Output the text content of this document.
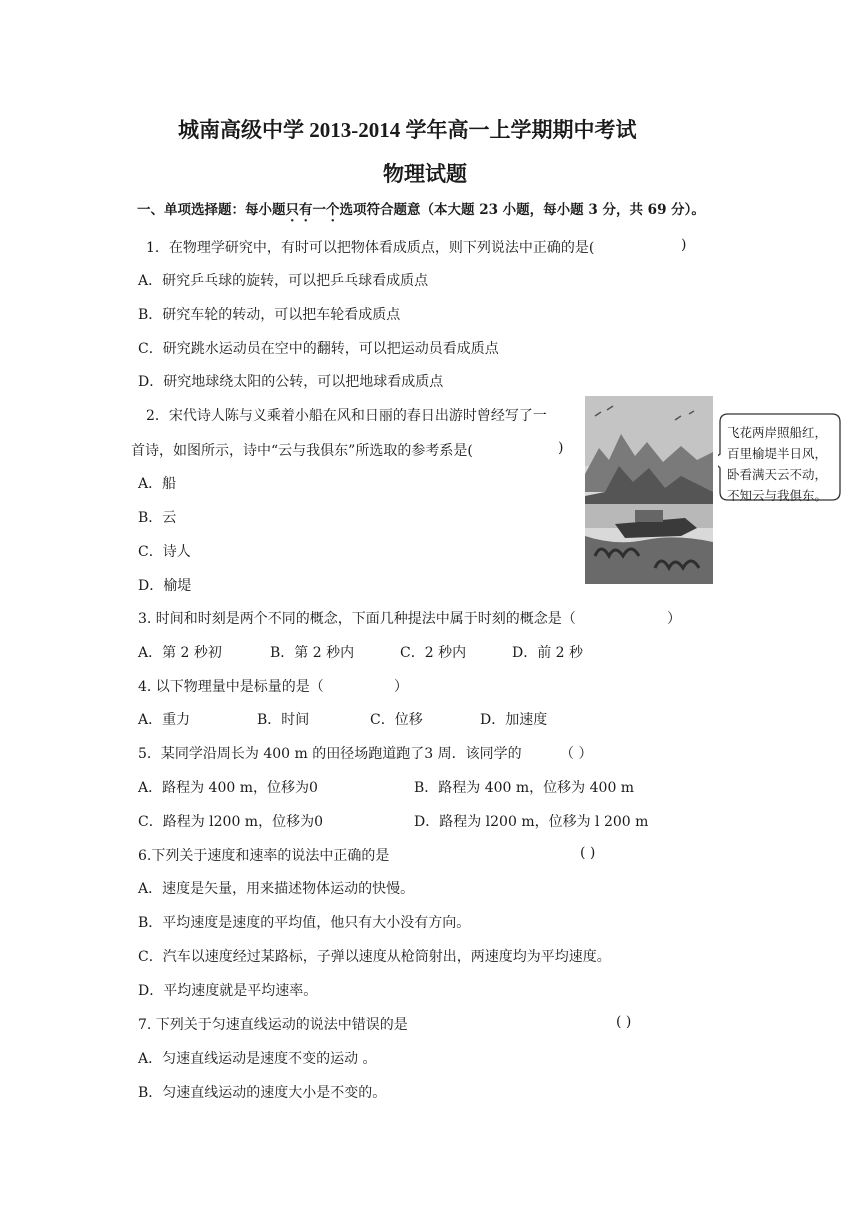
城南高级中学 2013-2014 学年高一上学期期中考试
物理试题
一、单项选择题：每小题只有一个选项符合题意（本大题 23 小题，每小题 3 分，共 69 分）。
1．在物理学研究中，有时可以把物体看成质点，则下列说法中正确的是(	)
A．研究乒乓球的旋转，可以把乒乓球看成质点
B．研究车轮的转动，可以把车轮看成质点
C．研究跳水运动员在空中的翻转，可以把运动员看成质点
D．研究地球绕太阳的公转，可以把地球看成质点
2．宋代诗人陈与义乘着小船在风和日丽的春日出游时曾经写了一
首诗，如图所示，诗中“云与我俱东”所选取的参考系是(	)
A．船
B．云
C．诗人
D．榆堤
飞花两岸照船红，
百里榆堤半日风，
卧看满天云不动，
不知云与我俱东。
3. 时间和时刻是两个不同的概念，下面几种提法中属于时刻的概念是（	）
A．第 2 秒初	B．第 2 秒内	C．2 秒内	D．前 2 秒
4. 以下物理量中是标量的是（	）
A．重力	B．时间	C．位移	D．加速度
5．某同学沿周长为 400 m 的田径场跑道跑了3 周．该同学的	（ ）
A．路程为 400 m，位移为0	B．路程为 400 m，位移为 400 m
C．路程为 l200 m，位移为0	D．路程为 l200 m，位移为 l 200 m
6.下列关于速度和速率的说法中正确的是	( )
A．速度是矢量，用来描述物体运动的快慢。
B．平均速度是速度的平均值，他只有大小没有方向。
C．汽车以速度经过某路标，子弹以速度从枪筒射出，两速度均为平均速度。
D．平均速度就是平均速率。
7. 下列关于匀速直线运动的说法中错误的是	( )
A．匀速直线运动是速度不变的运动 。
B．匀速直线运动的速度大小是不变的。
